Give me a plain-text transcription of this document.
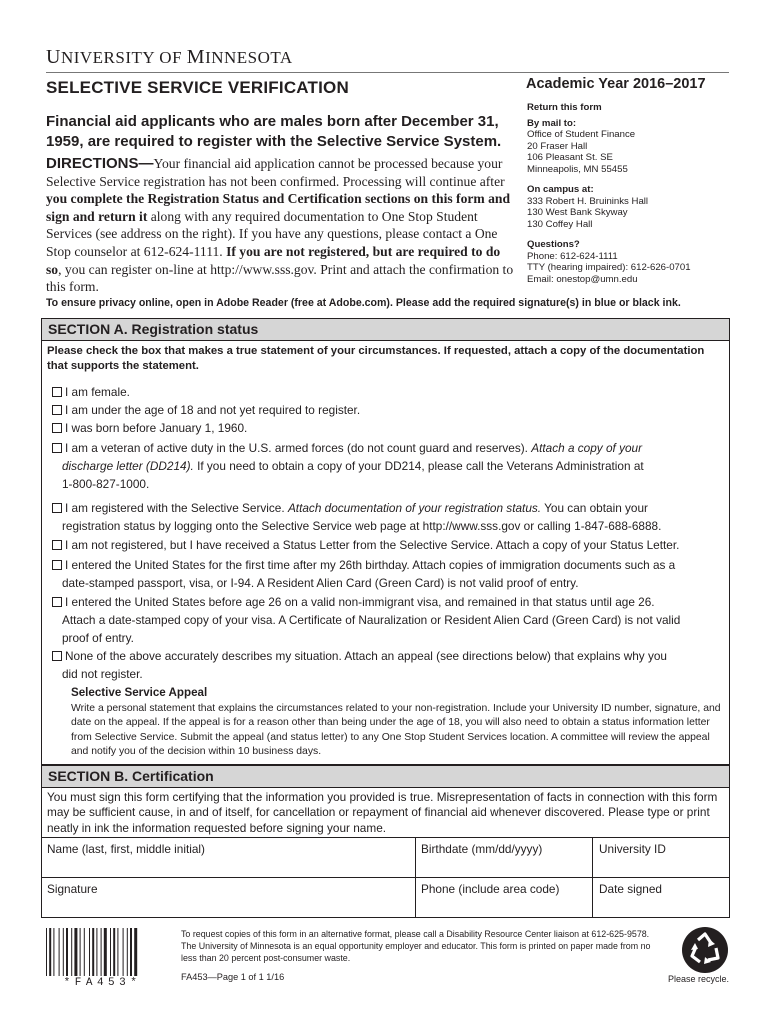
UNIVERSITY OF MINNESOTA
SELECTIVE SERVICE VERIFICATION	Academic Year 2016–2017
Financial aid applicants who are males born after December 31, 1959, are required to register with the Selective Service System.
DIRECTIONS—Your financial aid application cannot be processed because your Selective Service registration has not been confirmed. Processing will continue after you complete the Registration Status and Certification sections on this form and sign and return it along with any required documentation to One Stop Student Services (see address on the right). If you have any questions, please contact a One Stop counselor at 612-624-1111. If you are not registered, but are required to do so, you can register on-line at http://www.sss.gov. Print and attach the confirmation to this form.
Return this form
By mail to:
Office of Student Finance
20 Fraser Hall
106 Pleasant St. SE
Minneapolis, MN 55455
On campus at:
333 Robert H. Bruininks Hall
130 West Bank Skyway
130 Coffey Hall
Questions?
Phone: 612-624-1111
TTY (hearing impaired): 612-626-0701
Email: onestop@umn.edu
To ensure privacy online, open in Adobe Reader (free at Adobe.com). Please add the required signature(s) in blue or black ink.
SECTION A. Registration status
Please check the box that makes a true statement of your circumstances. If requested, attach a copy of the documentation that supports the statement.
I am female.
I am under the age of 18 and not yet required to register.
I was born before January 1, 1960.
I am a veteran of active duty in the U.S. armed forces (do not count guard and reserves). Attach a copy of your
discharge letter (DD214). If you need to obtain a copy of your DD214, please call the Veterans Administration at
1-800-827-1000.
I am registered with the Selective Service. Attach documentation of your registration status. You can obtain your
registration status by logging onto the Selective Service web page at http://www.sss.gov or calling 1-847-688-6888.
I am not registered, but I have received a Status Letter from the Selective Service. Attach a copy of your Status Letter.
I entered the United States for the first time after my 26th birthday. Attach copies of immigration documents such as a
date-stamped passport, visa, or I-94. A Resident Alien Card (Green Card) is not valid proof of entry.
I entered the United States before age 26 on a valid non-immigrant visa, and remained in that status until age 26.
Attach a date-stamped copy of your visa. A Certificate of Nauralization or Resident Alien Card (Green Card) is not valid
proof of entry.
None of the above accurately describes my situation. Attach an appeal (see directions below) that explains why you
did not register.
Selective Service Appeal
Write a personal statement that explains the circumstances related to your non-registration. Include your University ID number, signature, and date on the appeal. If the appeal is for a reason other than being under the age of 18, you will also need to obtain a status information letter from Selective Service. Submit the appeal (and status letter) to any One Stop Student Services location. A committee will review the appeal and notify you of the decision within 10 business days.
SECTION B. Certification
You must sign this form certifying that the information you provided is true. Misrepresentation of facts in connection with this form may be sufficient cause, in and of itself, for cancellation or repayment of financial aid whenever discovered. Please type or print neatly in ink the information requested before signing your name.
Name (last, first, middle initial)	Birthdate (mm/dd/yyyy)	University ID
Signature	Phone (include area code)	Date signed
*FA453*
To request copies of this form in an alternative format, please call a Disability Resource Center liaison at 612-625-9578. The University of Minnesota is an equal opportunity employer and educator. This form is printed on paper made from no less than 20 percent post-consumer waste.
FA453—Page 1 of 1 1/16	Please recycle.
